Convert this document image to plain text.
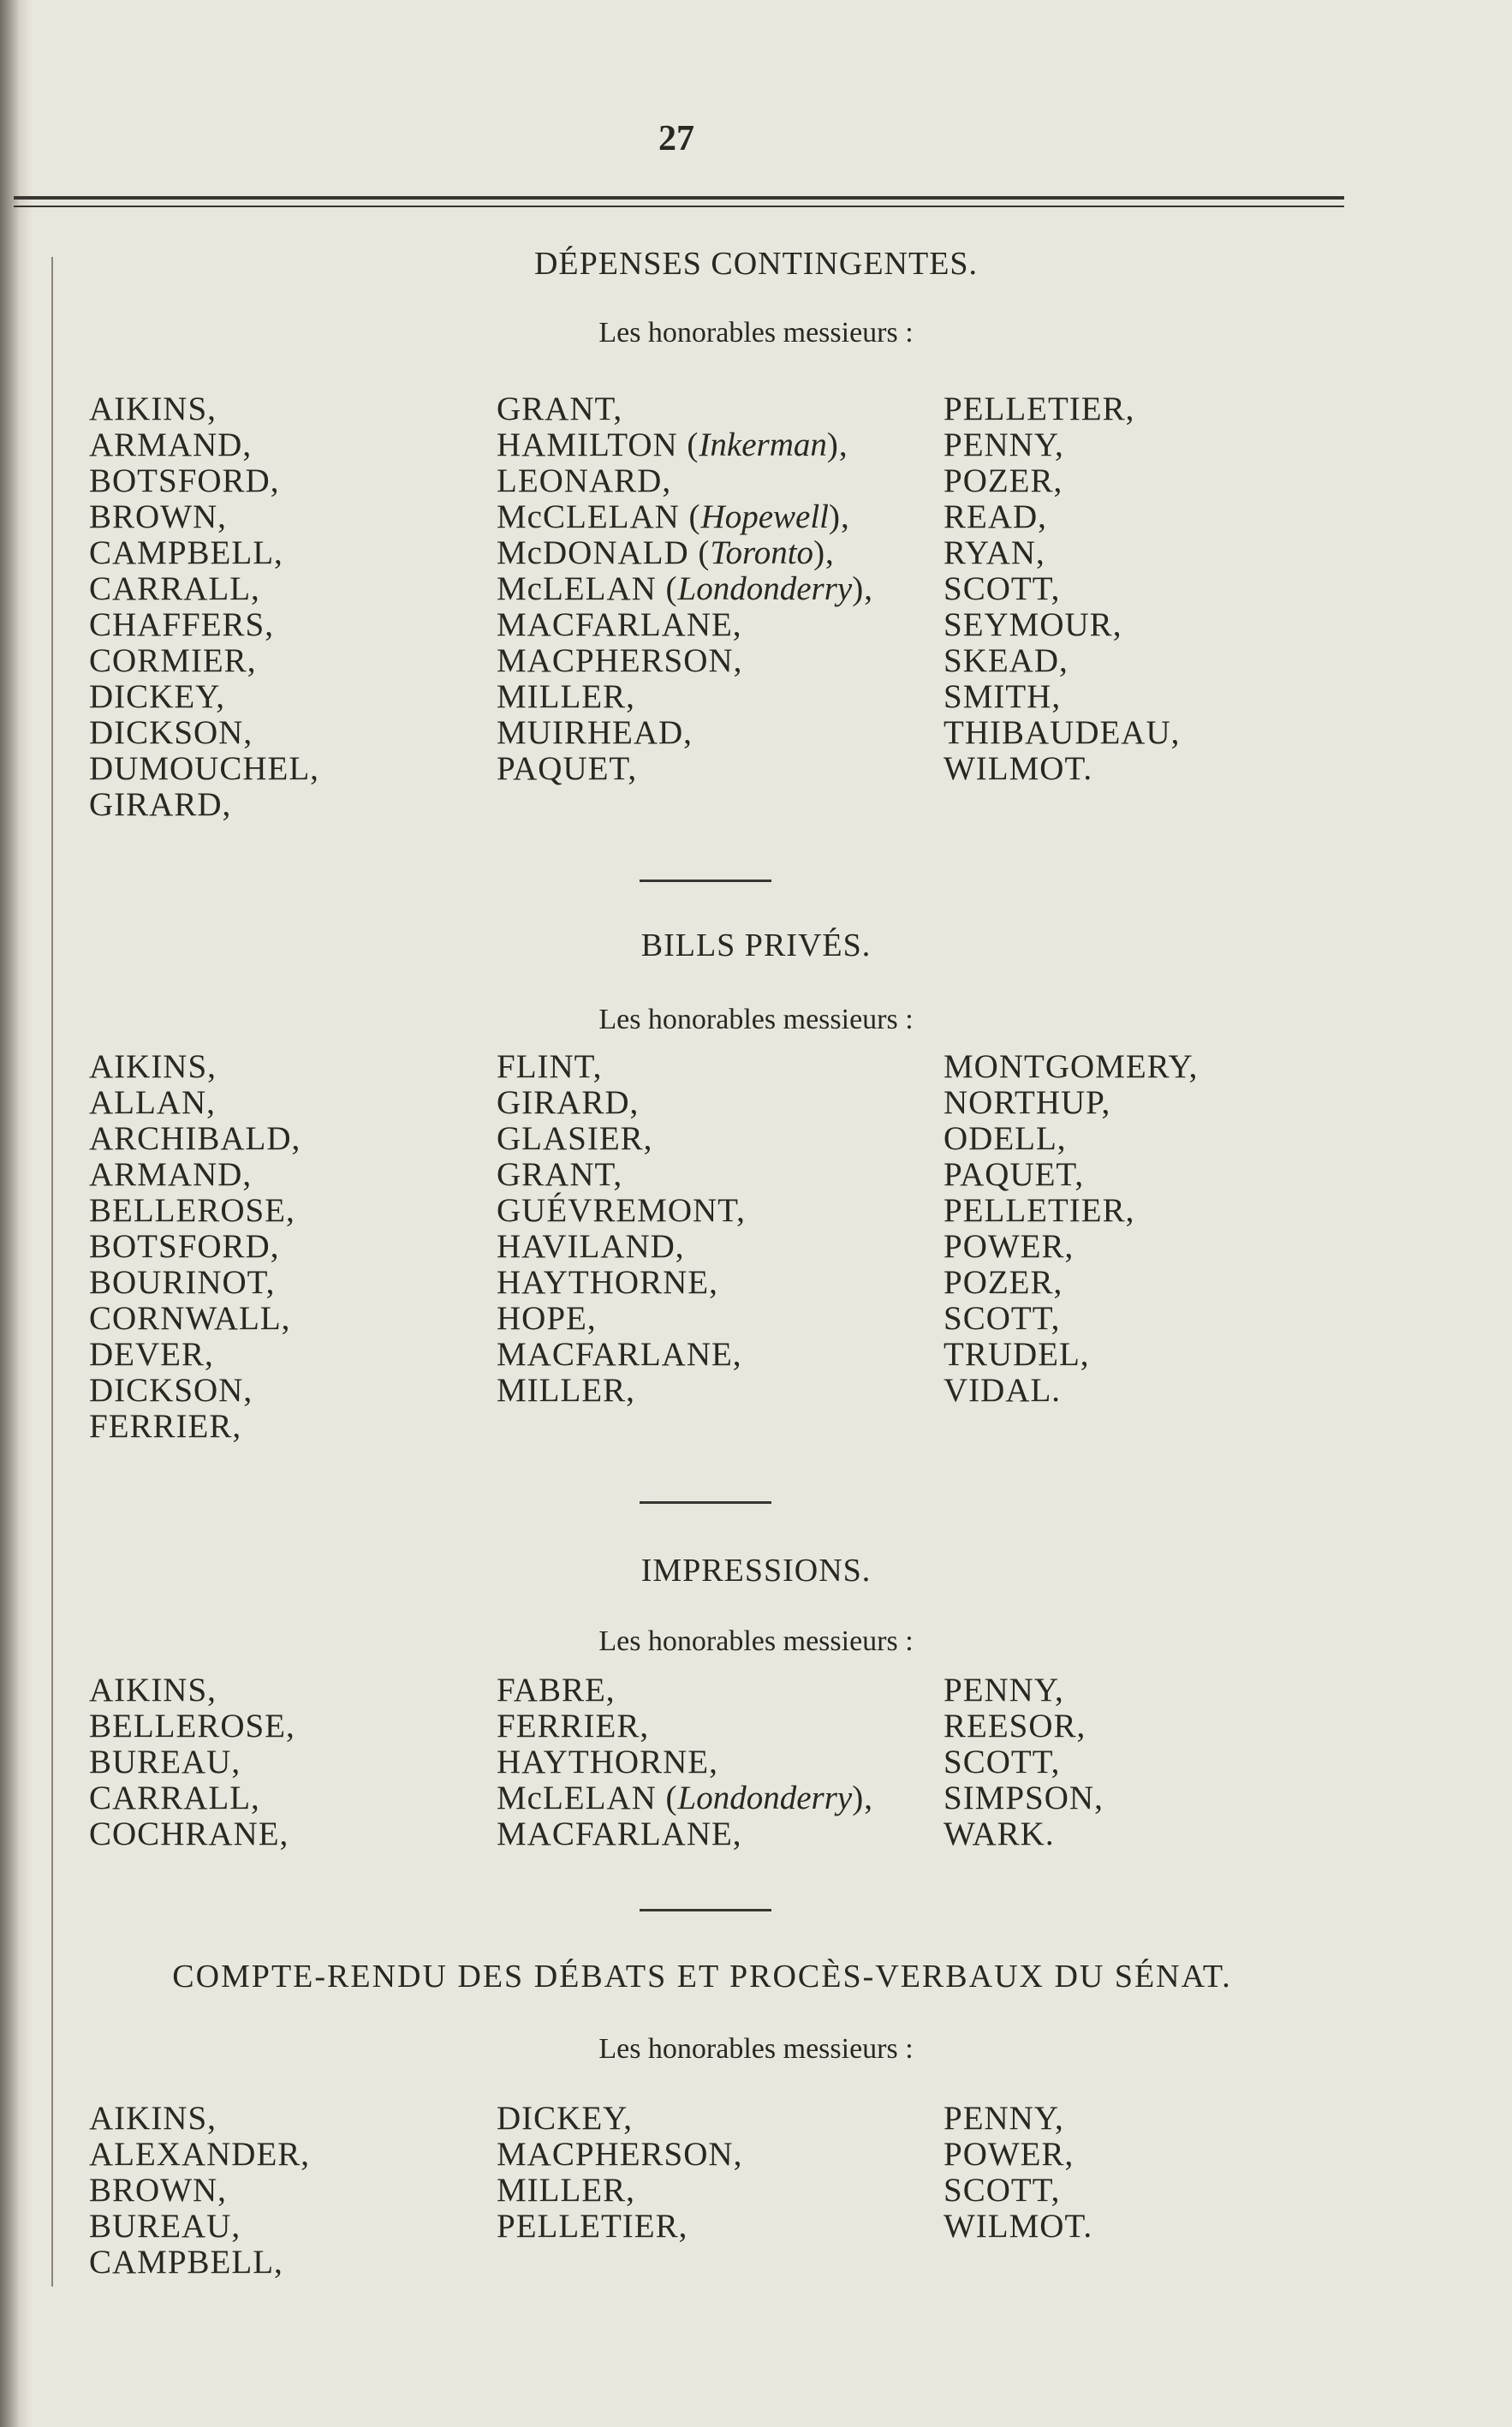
27
DÉPENSES CONTINGENTES.
Les honorables messieurs :
AIKINS,
ARMAND,
BOTSFORD,
BROWN,
CAMPBELL,
CARRALL,
CHAFFERS,
CORMIER,
DICKEY,
DICKSON,
DUMOUCHEL,
GIRARD,
GRANT,
HAMILTON (Inkerman),
LEONARD,
McCLELAN (Hopewell),
McDONALD (Toronto),
McLELAN (Londonderry),
MACFARLANE,
MACPHERSON,
MILLER,
MUIRHEAD,
PAQUET,
PELLETIER,
PENNY,
POZER,
READ,
RYAN,
SCOTT,
SEYMOUR,
SKEAD,
SMITH,
THIBAUDEAU,
WILMOT.
BILLS PRIVÉS.
Les honorables messieurs :
AIKINS,
ALLAN,
ARCHIBALD,
ARMAND,
BELLEROSE,
BOTSFORD,
BOURINOT,
CORNWALL,
DEVER,
DICKSON,
FERRIER,
FLINT,
GIRARD,
GLASIER,
GRANT,
GUÉVREMONT,
HAVILAND,
HAYTHORNE,
HOPE,
MACFARLANE,
MILLER,
MONTGOMERY,
NORTHUP,
ODELL,
PAQUET,
PELLETIER,
POWER,
POZER,
SCOTT,
TRUDEL,
VIDAL.
IMPRESSIONS.
Les honorables messieurs :
AIKINS,
BELLEROSE,
BUREAU,
CARRALL,
COCHRANE,
FABRE,
FERRIER,
HAYTHORNE,
McLELAN (Londonderry),
MACFARLANE,
PENNY,
REESOR,
SCOTT,
SIMPSON,
WARK.
COMPTE-RENDU DES DÉBATS ET PROCÈS-VERBAUX DU SÉNAT.
Les honorables messieurs :
AIKINS,
ALEXANDER,
BROWN,
BUREAU,
CAMPBELL,
DICKEY,
MACPHERSON,
MILLER,
PELLETIER,
PENNY,
POWER,
SCOTT,
WILMOT.
